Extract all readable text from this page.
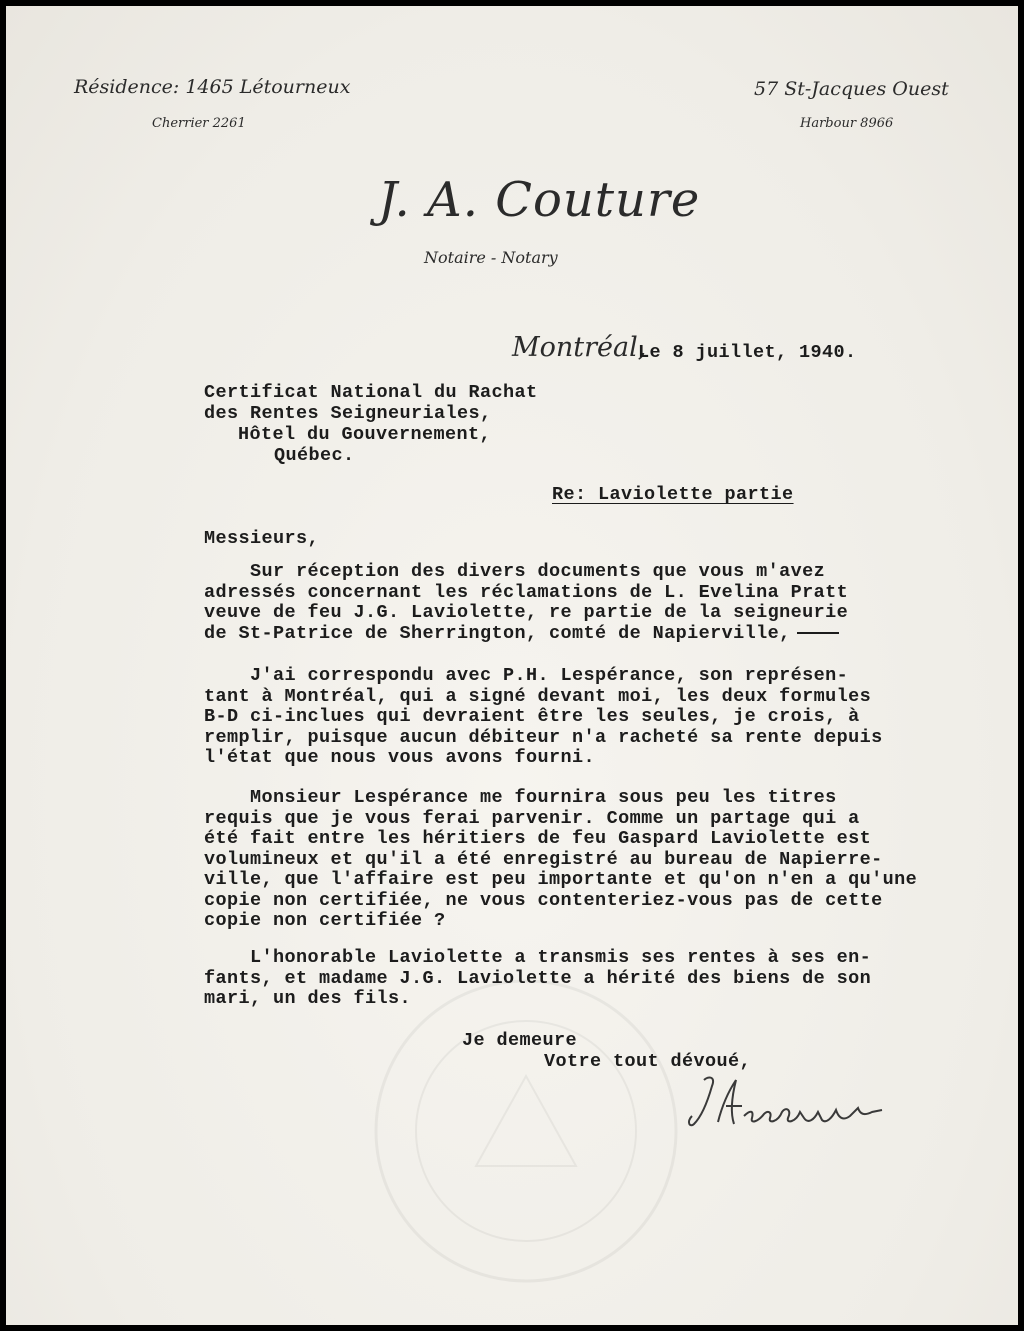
Résidence: 1465 Létourneux
Cherrier 2261
57 St-Jacques Ouest
Harbour 8966
J. A. Couture
Notaire - Notary
Montréal,
Le 8 juillet, 1940.
Certificat National du Rachat
des Rentes Seigneuriales,
Hôtel du Gouvernement,
Québec.
Re: Laviolette partie
Messieurs,
Sur réception des divers documents que vous m'avez
adressés concernant les réclamations de L. Evelina Pratt
veuve de feu J.G. Laviolette, re partie de la seigneurie
de St-Patrice de Sherrington, comté de Napierville,
J'ai correspondu avec P.H. Lespérance, son représen-
tant à Montréal, qui a signé devant moi, les deux formules
B-D ci-inclues qui devraient être les seules, je crois, à
remplir, puisque aucun débiteur n'a racheté sa rente depuis
l'état que nous vous avons fourni.
Monsieur Lespérance me fournira sous peu les titres
requis que je vous ferai parvenir. Comme un partage qui a
été fait entre les héritiers de feu Gaspard Laviolette est
volumineux et qu'il a été enregistré au bureau de Napierre-
ville, que l'affaire est peu importante et qu'on n'en a qu'une
copie non certifiée, ne vous contenteriez-vous pas de cette
copie non certifiée ?
L'honorable Laviolette a transmis ses rentes à ses en-
fants, et madame J.G. Laviolette a hérité des biens de son
mari, un des fils.
Je demeure
Votre tout dévoué,
